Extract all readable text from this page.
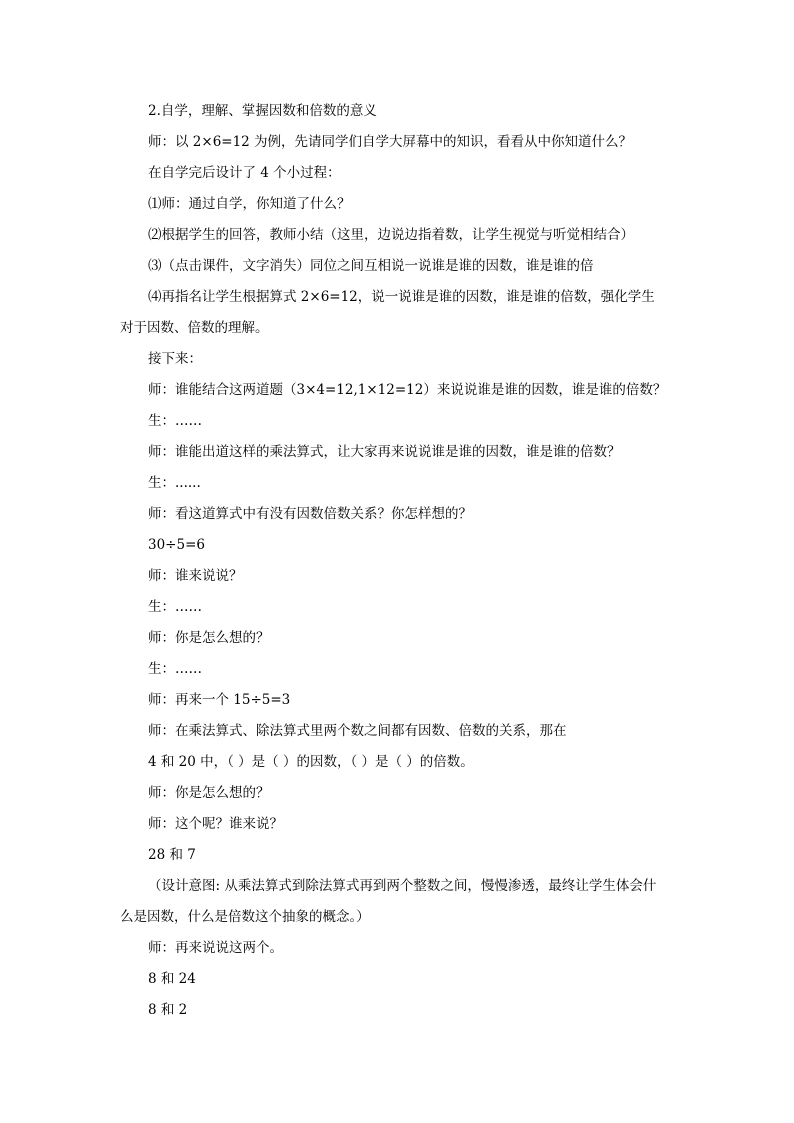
2.自学，理解、掌握因数和倍数的意义

师：以 2×6=12 为例，先请同学们自学大屏幕中的知识，看看从中你知道什么？

在自学完后设计了 4 个小过程：

⑴师：通过自学，你知道了什么？

⑵根据学生的回答，教师小结（这里，边说边指着数，让学生视觉与听觉相结合）

⑶（点击课件，文字消失）同位之间互相说一说谁是谁的因数，谁是谁的倍

⑷再指名让学生根据算式 2×6=12，说一说谁是谁的因数，谁是谁的倍数，强化学生

对于因数、倍数的理解。

接下来：

师：谁能结合这两道题（3×4=12,1×12=12）来说说谁是谁的因数，谁是谁的倍数？

生：……

师：谁能出道这样的乘法算式，让大家再来说说谁是谁的因数，谁是谁的倍数？

生：......

师：看这道算式中有没有因数倍数关系？你怎样想的？

30÷5=6

师：谁来说说？

生：……

师：你是怎么想的？

生：……

师：再来一个 15÷5=3

师：在乘法算式、除法算式里两个数之间都有因数、倍数的关系，那在

4 和 20 中，（ ）是（ ）的因数，（ ）是（ ）的倍数。

师：你是怎么想的？

师：这个呢？谁来说？

28 和 7

（设计意图: 从乘法算式到除法算式再到两个整数之间，慢慢渗透，最终让学生体会什

么是因数，什么是倍数这个抽象的概念。）

师：再来说说这两个。

8 和 24

8 和 2
